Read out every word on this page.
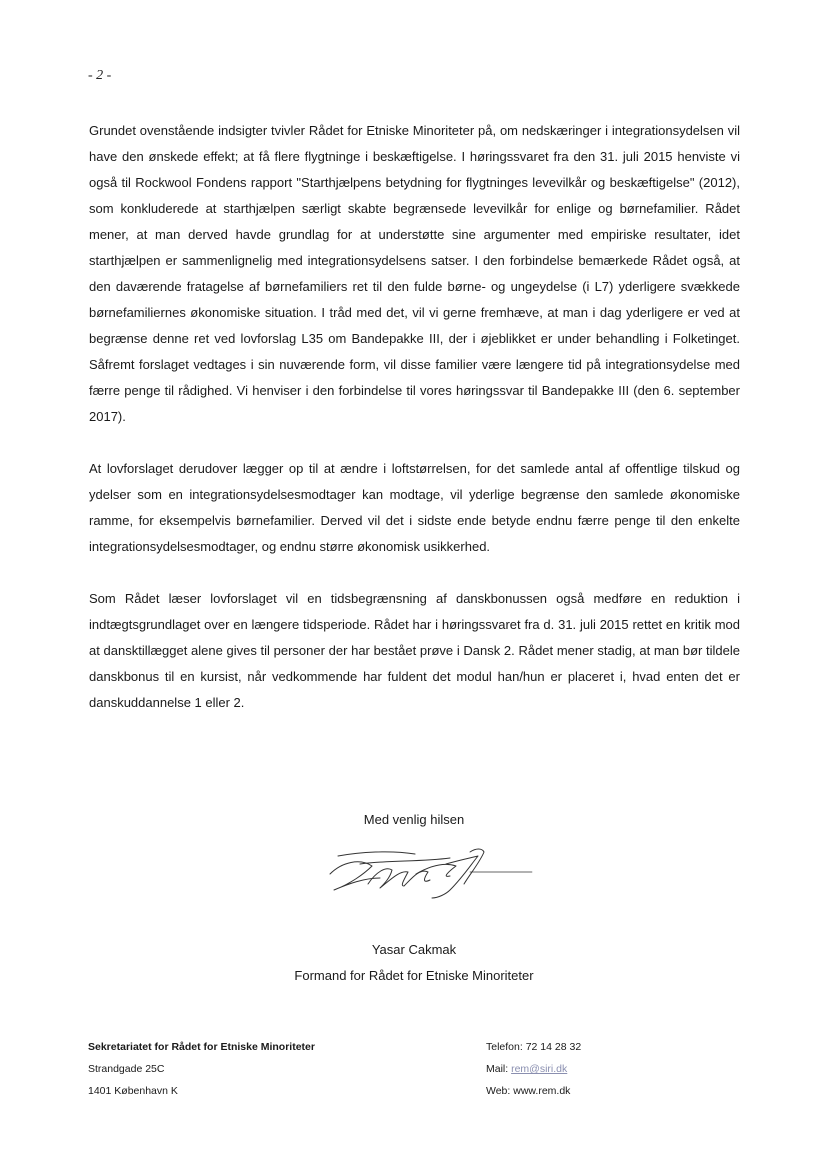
- 2 -

Grundet ovenstående indsigter tvivler Rådet for Etniske Minoriteter på, om nedskæringer i integrationsydelsen vil have den ønskede effekt; at få flere flygtninge i beskæftigelse. I høringssvaret fra den 31. juli 2015 henviste vi også til Rockwool Fondens rapport "Starthjælpens betydning for flygtninges levevilkår og beskæftigelse" (2012), som konkluderede at starthjælpen særligt skabte begrænsede levevilkår for enlige og børnefamilier. Rådet mener, at man derved havde grundlag for at understøtte sine argumenter med empiriske resultater, idet starthjælpen er sammenlignelig med integrationsydelsens satser. I den forbindelse bemærkede Rådet også, at den daværende fratagelse af børnefamiliers ret til den fulde børne- og ungeydelse (i L7) yderligere svækkede børnefamiliernes økonomiske situation. I tråd med det, vil vi gerne fremhæve, at man i dag yderligere er ved at begrænse denne ret ved lovforslag L35 om Bandepakke III, der i øjeblikket er under behandling i Folketinget. Såfremt forslaget vedtages i sin nuværende form, vil disse familier være længere tid på integrationsydelse med færre penge til rådighed. Vi henviser i den forbindelse til vores høringssvar til Bandepakke III (den 6. september 2017).

At lovforslaget derudover lægger op til at ændre i loftstørrelsen, for det samlede antal af offentlige tilskud og ydelser som en integrationsydelsesmodtager kan modtage, vil yderlige begrænse den samlede økonomiske ramme, for eksempelvis børnefamilier. Derved vil det i sidste ende betyde endnu færre penge til den enkelte integrationsydelsesmodtager, og endnu større økonomisk usikkerhed.

Som Rådet læser lovforslaget vil en tidsbegrænsning af danskbonussen også medføre en reduktion i indtægtsgrundlaget over en længere tidsperiode. Rådet har i høringssvaret fra d. 31. juli 2015 rettet en kritik mod at dansktillægget alene gives til personer der har bestået prøve i Dansk 2. Rådet mener stadig, at man bør tildele danskbonus til en kursist, når vedkommende har fuldent det modul han/hun er placeret i, hvad enten det er danskuddannelse 1 eller 2.

Med venlig hilsen
Yasar Cakmak
Formand for Rådet for Etniske Minoriteter
Sekretariatet for Rådet for Etniske Minoriteter
Strandgade 25C
1401 København K
Telefon: 72 14 28 32
Mail: rem@siri.dk
Web: www.rem.dk
